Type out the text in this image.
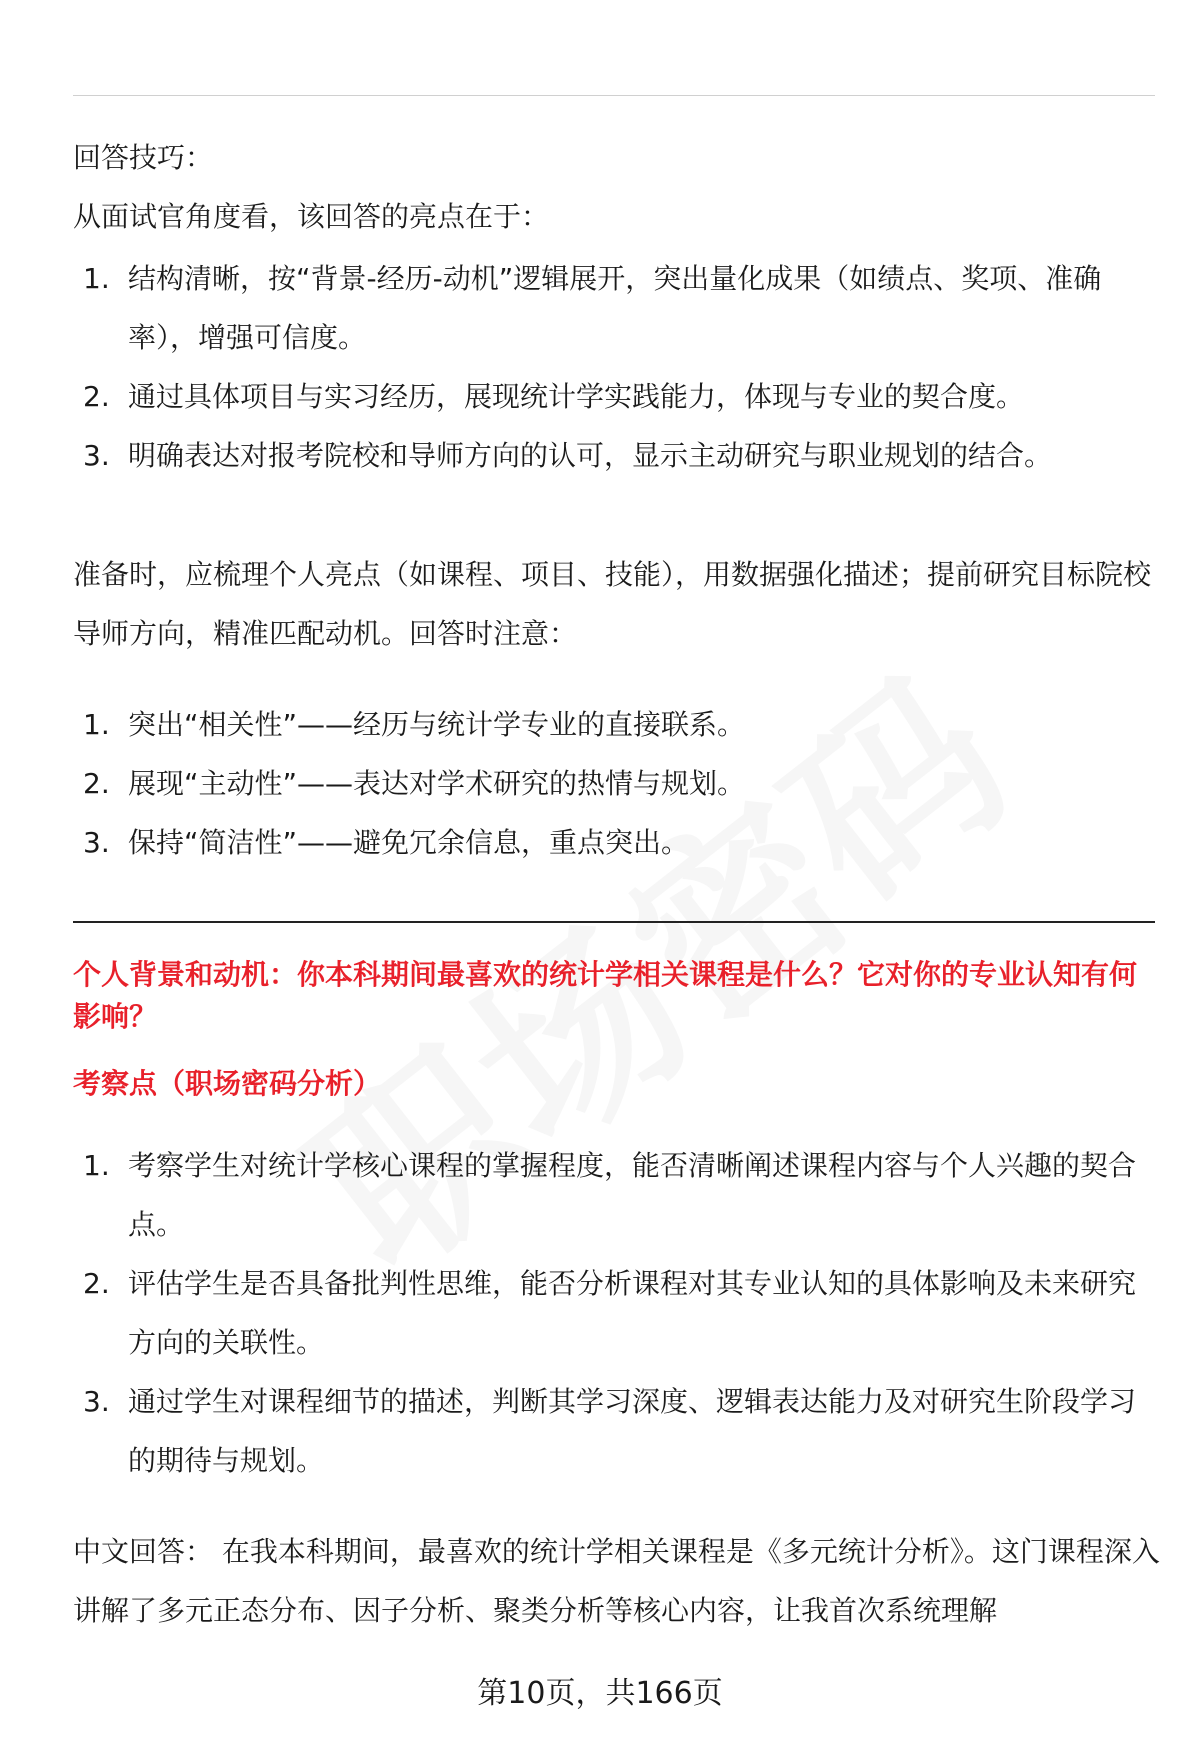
回答技巧：

从面试官角度看，该回答的亮点在于：

1. 结构清晰，按“背景-经历-动机”逻辑展开，突出量化成果（如绩点、奖项、准确率），增强可信度。
2. 通过具体项目与实习经历，展现统计学实践能力，体现与专业的契合度。
3. 明确表达对报考院校和导师方向的认可，显示主动研究与职业规划的结合。

准备时，应梳理个人亮点（如课程、项目、技能），用数据强化描述；提前研究目标院校导师方向，精准匹配动机。回答时注意：

1. 突出“相关性”——经历与统计学专业的直接联系。
2. 展现“主动性”——表达对学术研究的热情与规划。
3. 保持“简洁性”——避免冗余信息，重点突出。

个人背景和动机：你本科期间最喜欢的统计学相关课程是什么？它对你的专业认知有何影响？

考察点（职场密码分析）

1. 考察学生对统计学核心课程的掌握程度，能否清晰阐述课程内容与个人兴趣的契合点。
2. 评估学生是否具备批判性思维，能否分析课程对其专业认知的具体影响及未来研究方向的关联性。
3. 通过学生对课程细节的描述，判断其学习深度、逻辑表达能力及对研究生阶段学习的期待与规划。

中文回答： 在我本科期间，最喜欢的统计学相关课程是《多元统计分析》。这门课程深入讲解了多元正态分布、因子分析、聚类分析等核心内容，让我首次系统理解

第10页，共166页
